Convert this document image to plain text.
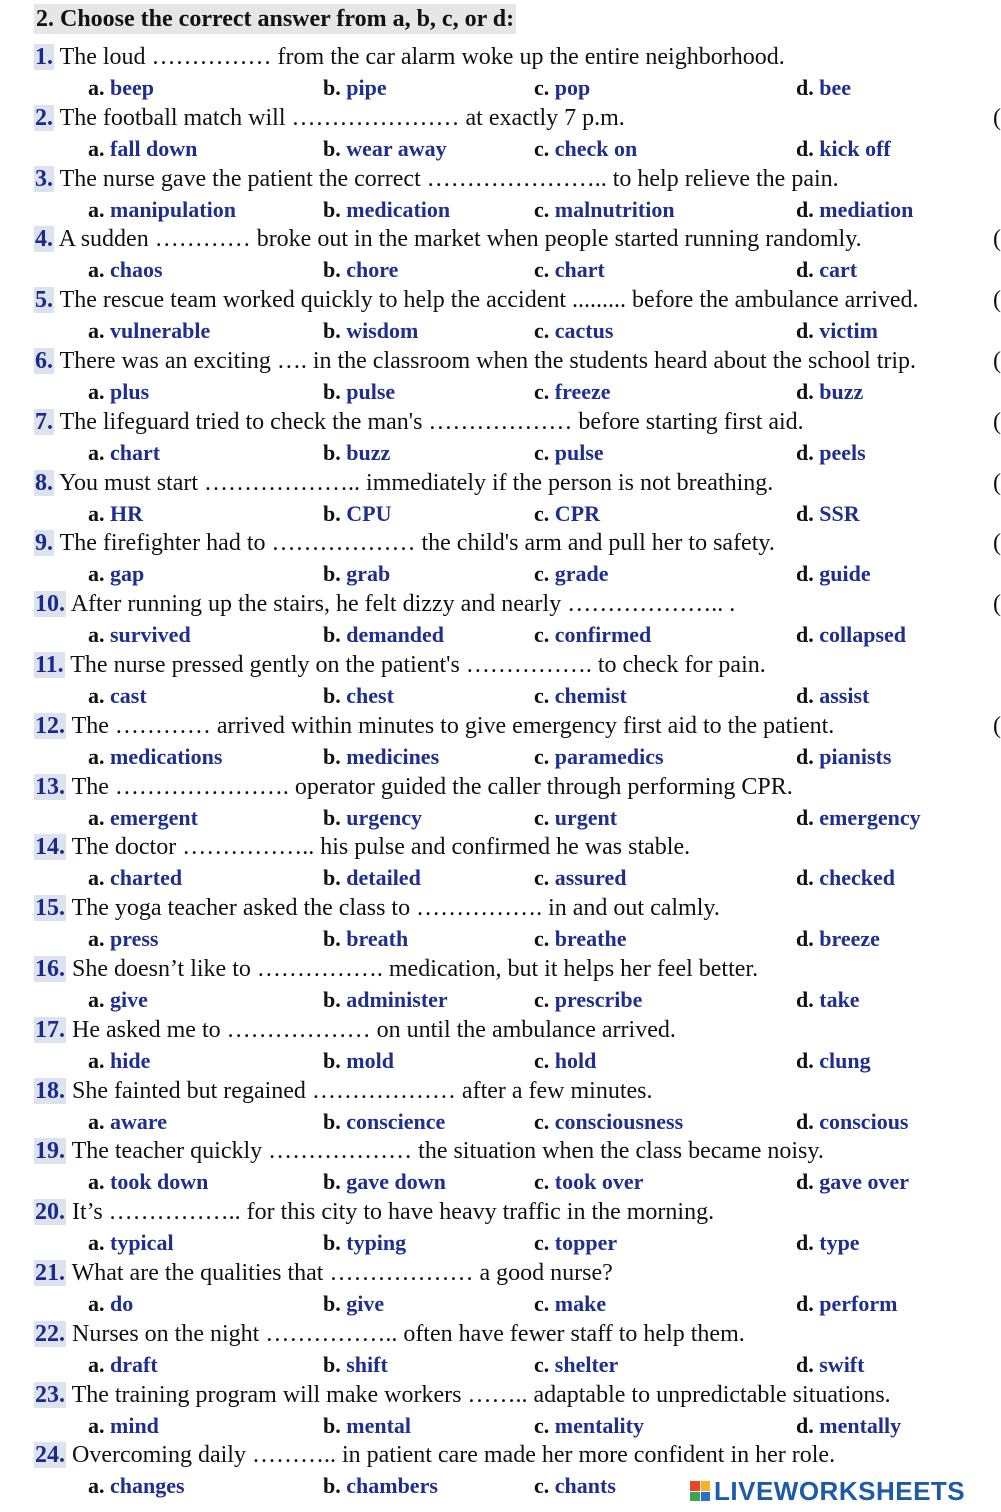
2. Choose the correct answer from a, b, c, or d:
1. The loud …………… from the car alarm woke up the entire neighborhood.
a. beep	b. pipe	c. pop	d. bee
2. The football match will ………………… at exactly 7 p.m.	(
a. fall down	b. wear away	c. check on	d. kick off
3. The nurse gave the patient the correct ………………….. to help relieve the pain.
a. manipulation	b. medication	c. malnutrition	d. mediation
4. A sudden ………… broke out in the market when people started running randomly.	(
a. chaos	b. chore	c. chart	d. cart
5. The rescue team worked quickly to help the accident ......... before the ambulance arrived.	(
a. vulnerable	b. wisdom	c. cactus	d. victim
6. There was an exciting …. in the classroom when the students heard about the school trip.	(
a. plus	b. pulse	c. freeze	d. buzz
7. The lifeguard tried to check the man's ……………… before starting first aid.	(
a. chart	b. buzz	c. pulse	d. peels
8. You must start ……………….. immediately if the person is not breathing.	(
a. HR	b. CPU	c. CPR	d. SSR
9. The firefighter had to ……………… the child's arm and pull her to safety.	(
a. gap	b. grab	c. grade	d. guide
10. After running up the stairs, he felt dizzy and nearly ……………….. .	(
a. survived	b. demanded	c. confirmed	d. collapsed
11. The nurse pressed gently on the patient's ……………. to check for pain.
a. cast	b. chest	c. chemist	d. assist
12. The ………… arrived within minutes to give emergency first aid to the patient.	(
a. medications	b. medicines	c. paramedics	d. pianists
13. The …………………. operator guided the caller through performing CPR.
a. emergent	b. urgency	c. urgent	d. emergency
14. The doctor …………….. his pulse and confirmed he was stable.
a. charted	b. detailed	c. assured	d. checked
15. The yoga teacher asked the class to ……………. in and out calmly.
a. press	b. breath	c. breathe	d. breeze
16. She doesn’t like to ……………. medication, but it helps her feel better.
a. give	b. administer	c. prescribe	d. take
17. He asked me to ……………… on until the ambulance arrived.
a. hide	b. mold	c. hold	d. clung
18. She fainted but regained ……………… after a few minutes.
a. aware	b. conscience	c. consciousness	d. conscious
19. The teacher quickly ……………… the situation when the class became noisy.
a. took down	b. gave down	c. took over	d. gave over
20. It’s …………….. for this city to have heavy traffic in the morning.
a. typical	b. typing	c. topper	d. type
21. What are the qualities that ……………… a good nurse?
a. do	b. give	c. make	d. perform
22. Nurses on the night …………….. often have fewer staff to help them.
a. draft	b. shift	c. shelter	d. swift
23. The training program will make workers …….. adaptable to unpredictable situations.
a. mind	b. mental	c. mentality	d. mentally
24. Overcoming daily ……….. in patient care made her more confident in her role.
a. changes	b. chambers	c. chants	LIVEWORKSHEETS
